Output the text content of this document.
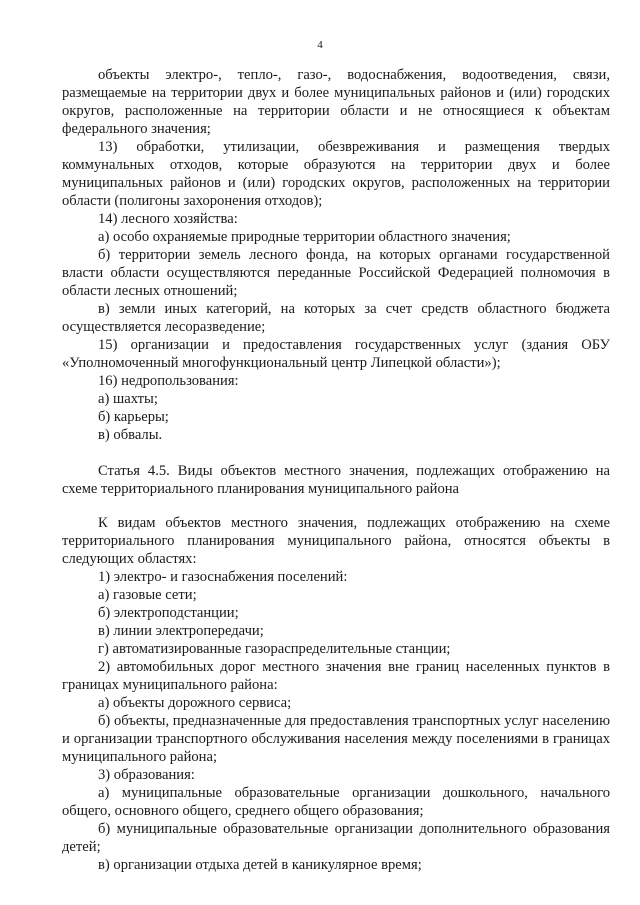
4

объекты электро-, тепло-, газо-, водоснабжения, водоотведения, связи, размещаемые на территории двух и более муниципальных районов и (или) городских округов, расположенные на территории области и не относящиеся к объектам федерального значения;

13) обработки, утилизации, обезвреживания и размещения твердых коммунальных отходов, которые образуются на территории двух и более муниципальных районов и (или) городских округов, расположенных на территории области (полигоны захоронения отходов);

14) лесного хозяйства:

а) особо охраняемые природные территории областного значения;

б) территории земель лесного фонда, на которых органами государственной власти области осуществляются переданные Российской Федерацией полномочия в области лесных отношений;

в) земли иных категорий, на которых за счет средств областного бюджета осуществляется лесоразведение;

15) организации и предоставления государственных услуг (здания ОБУ «Уполномоченный многофункциональный центр Липецкой области»);

16) недропользования:

а) шахты;

б) карьеры;

в) обвалы.

Статья 4.5. Виды объектов местного значения, подлежащих отображению на схеме территориального планирования муниципального района

К видам объектов местного значения, подлежащих отображению на схеме территориального планирования муниципального района, относятся объекты в следующих областях:

1) электро- и газоснабжения поселений:

а) газовые сети;

б) электроподстанции;

в) линии электропередачи;

г) автоматизированные газораспределительные станции;

2) автомобильных дорог местного значения вне границ населенных пунктов в границах муниципального района:

а) объекты дорожного сервиса;

б) объекты, предназначенные для предоставления транспортных услуг населению и организации транспортного обслуживания населения между поселениями в границах муниципального района;

3) образования:

а) муниципальные образовательные организации дошкольного, начального общего, основного общего, среднего общего образования;

б) муниципальные образовательные организации дополнительного образования детей;

в) организации отдыха детей в каникулярное время;
